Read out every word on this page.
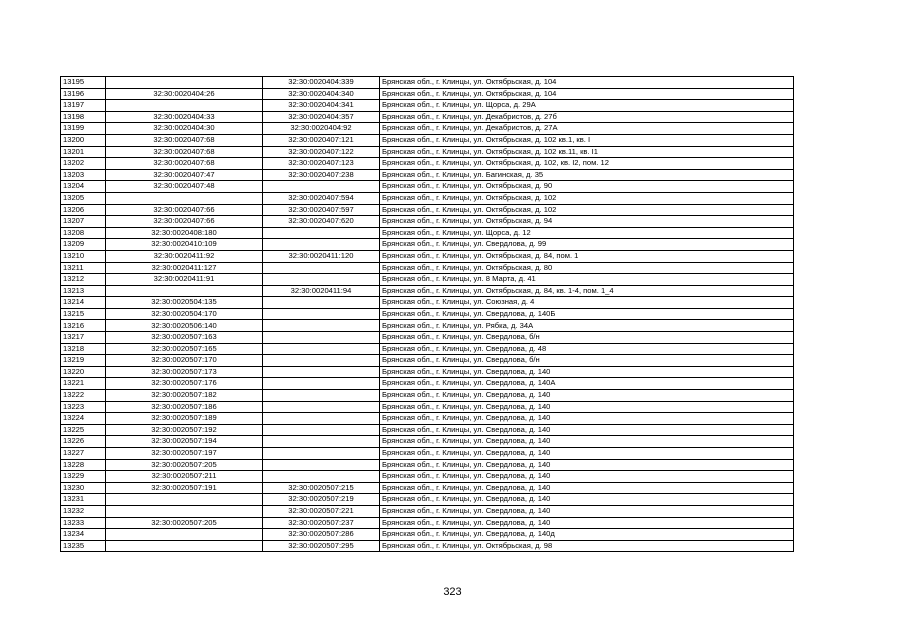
13195		32:30:0020404:339	Брянская обл., г. Клинцы, ул. Октябрьская, д. 104
13196	32:30:0020404:26	32:30:0020404:340	Брянская обл., г. Клинцы, ул. Октябрьская, д. 104
13197		32:30:0020404:341	Брянская обл., г. Клинцы, ул. Щорса, д. 29А
13198	32:30:0020404:33	32:30:0020404:357	Брянская обл., г. Клинцы, ул. Декабристов, д. 27б
13199	32:30:0020404:30	32:30:0020404:92	Брянская обл., г. Клинцы, ул. Декабристов, д. 27А
13200	32:30:0020407:68	32:30:0020407:121	Брянская обл., г. Клинцы, ул. Октябрьская, д. 102 кв.1, кв. I
13201	32:30:0020407:68	32:30:0020407:122	Брянская обл., г. Клинцы, ул. Октябрьская, д. 102 кв.11, кв. I1
13202	32:30:0020407:68	32:30:0020407:123	Брянская обл., г. Клинцы, ул. Октябрьская, д. 102, кв. I2, пом. 12
13203	32:30:0020407:47	32:30:0020407:238	Брянская обл., г. Клинцы, ул. Багинская, д. 35
13204	32:30:0020407:48		Брянская обл., г. Клинцы, ул. Октябрьская, д. 90
13205		32:30:0020407:594	Брянская обл., г. Клинцы, ул. Октябрьская, д. 102
13206	32:30:0020407:66	32:30:0020407:597	Брянская обл., г. Клинцы, ул. Октябрьская, д. 102
13207	32:30:0020407:66	32:30:0020407:620	Брянская обл., г. Клинцы, ул. Октябрьская, д. 94
13208	32:30:0020408:180		Брянская обл., г. Клинцы, ул. Щорса, д. 12
13209	32:30:0020410:109		Брянская обл., г. Клинцы, ул. Свердлова, д. 99
13210	32:30:0020411:92	32:30:0020411:120	Брянская обл., г. Клинцы, ул. Октябрьская, д. 84, пом. 1
13211	32:30:0020411:127		Брянская обл., г. Клинцы, ул. Октябрьская, д. 80
13212	32:30:0020411:91		Брянская обл., г. Клинцы, ул. 8 Марта, д. 41
13213		32:30:0020411:94	Брянская обл., г. Клинцы, ул. Октябрьская, д. 84, кв. 1-4, пом. 1_4
13214	32:30:0020504:135		Брянская обл., г. Клинцы, ул. Союзная, д. 4
13215	32:30:0020504:170		Брянская обл., г. Клинцы, ул. Свердлова, д. 140Б
13216	32:30:0020506:140		Брянская обл., г. Клинцы, ул. Рябка, д. 34А
13217	32:30:0020507:163		Брянская обл., г. Клинцы, ул. Свердлова, б/н
13218	32:30:0020507:165		Брянская обл., г. Клинцы, ул. Свердлова, д. 48
13219	32:30:0020507:170		Брянская обл., г. Клинцы, ул. Свердлова, б/н
13220	32:30:0020507:173		Брянская обл., г. Клинцы, ул. Свердлова, д. 140
13221	32:30:0020507:176		Брянская обл., г. Клинцы, ул. Свердлова, д. 140А
13222	32:30:0020507:182		Брянская обл., г. Клинцы, ул. Свердлова, д. 140
13223	32:30:0020507:186		Брянская обл., г. Клинцы, ул. Свердлова, д. 140
13224	32:30:0020507:189		Брянская обл., г. Клинцы, ул. Свердлова, д. 140
13225	32:30:0020507:192		Брянская обл., г. Клинцы, ул. Свердлова, д. 140
13226	32:30:0020507:194		Брянская обл., г. Клинцы, ул. Свердлова, д. 140
13227	32:30:0020507:197		Брянская обл., г. Клинцы, ул. Свердлова, д. 140
13228	32:30:0020507:205		Брянская обл., г. Клинцы, ул. Свердлова, д. 140
13229	32:30:0020507:211		Брянская обл., г. Клинцы, ул. Свердлова, д. 140
13230	32:30:0020507:191	32:30:0020507:215	Брянская обл., г. Клинцы, ул. Свердлова, д. 140
13231		32:30:0020507:219	Брянская обл., г. Клинцы, ул. Свердлова, д. 140
13232		32:30:0020507:221	Брянская обл., г. Клинцы, ул. Свердлова, д. 140
13233	32:30:0020507:205	32:30:0020507:237	Брянская обл., г. Клинцы, ул. Свердлова, д. 140
13234		32:30:0020507:286	Брянская обл., г. Клинцы, ул. Свердлова, д. 140д
13235		32:30:0020507:295	Брянская обл., г. Клинцы, ул. Октябрьская, д. 98
323
